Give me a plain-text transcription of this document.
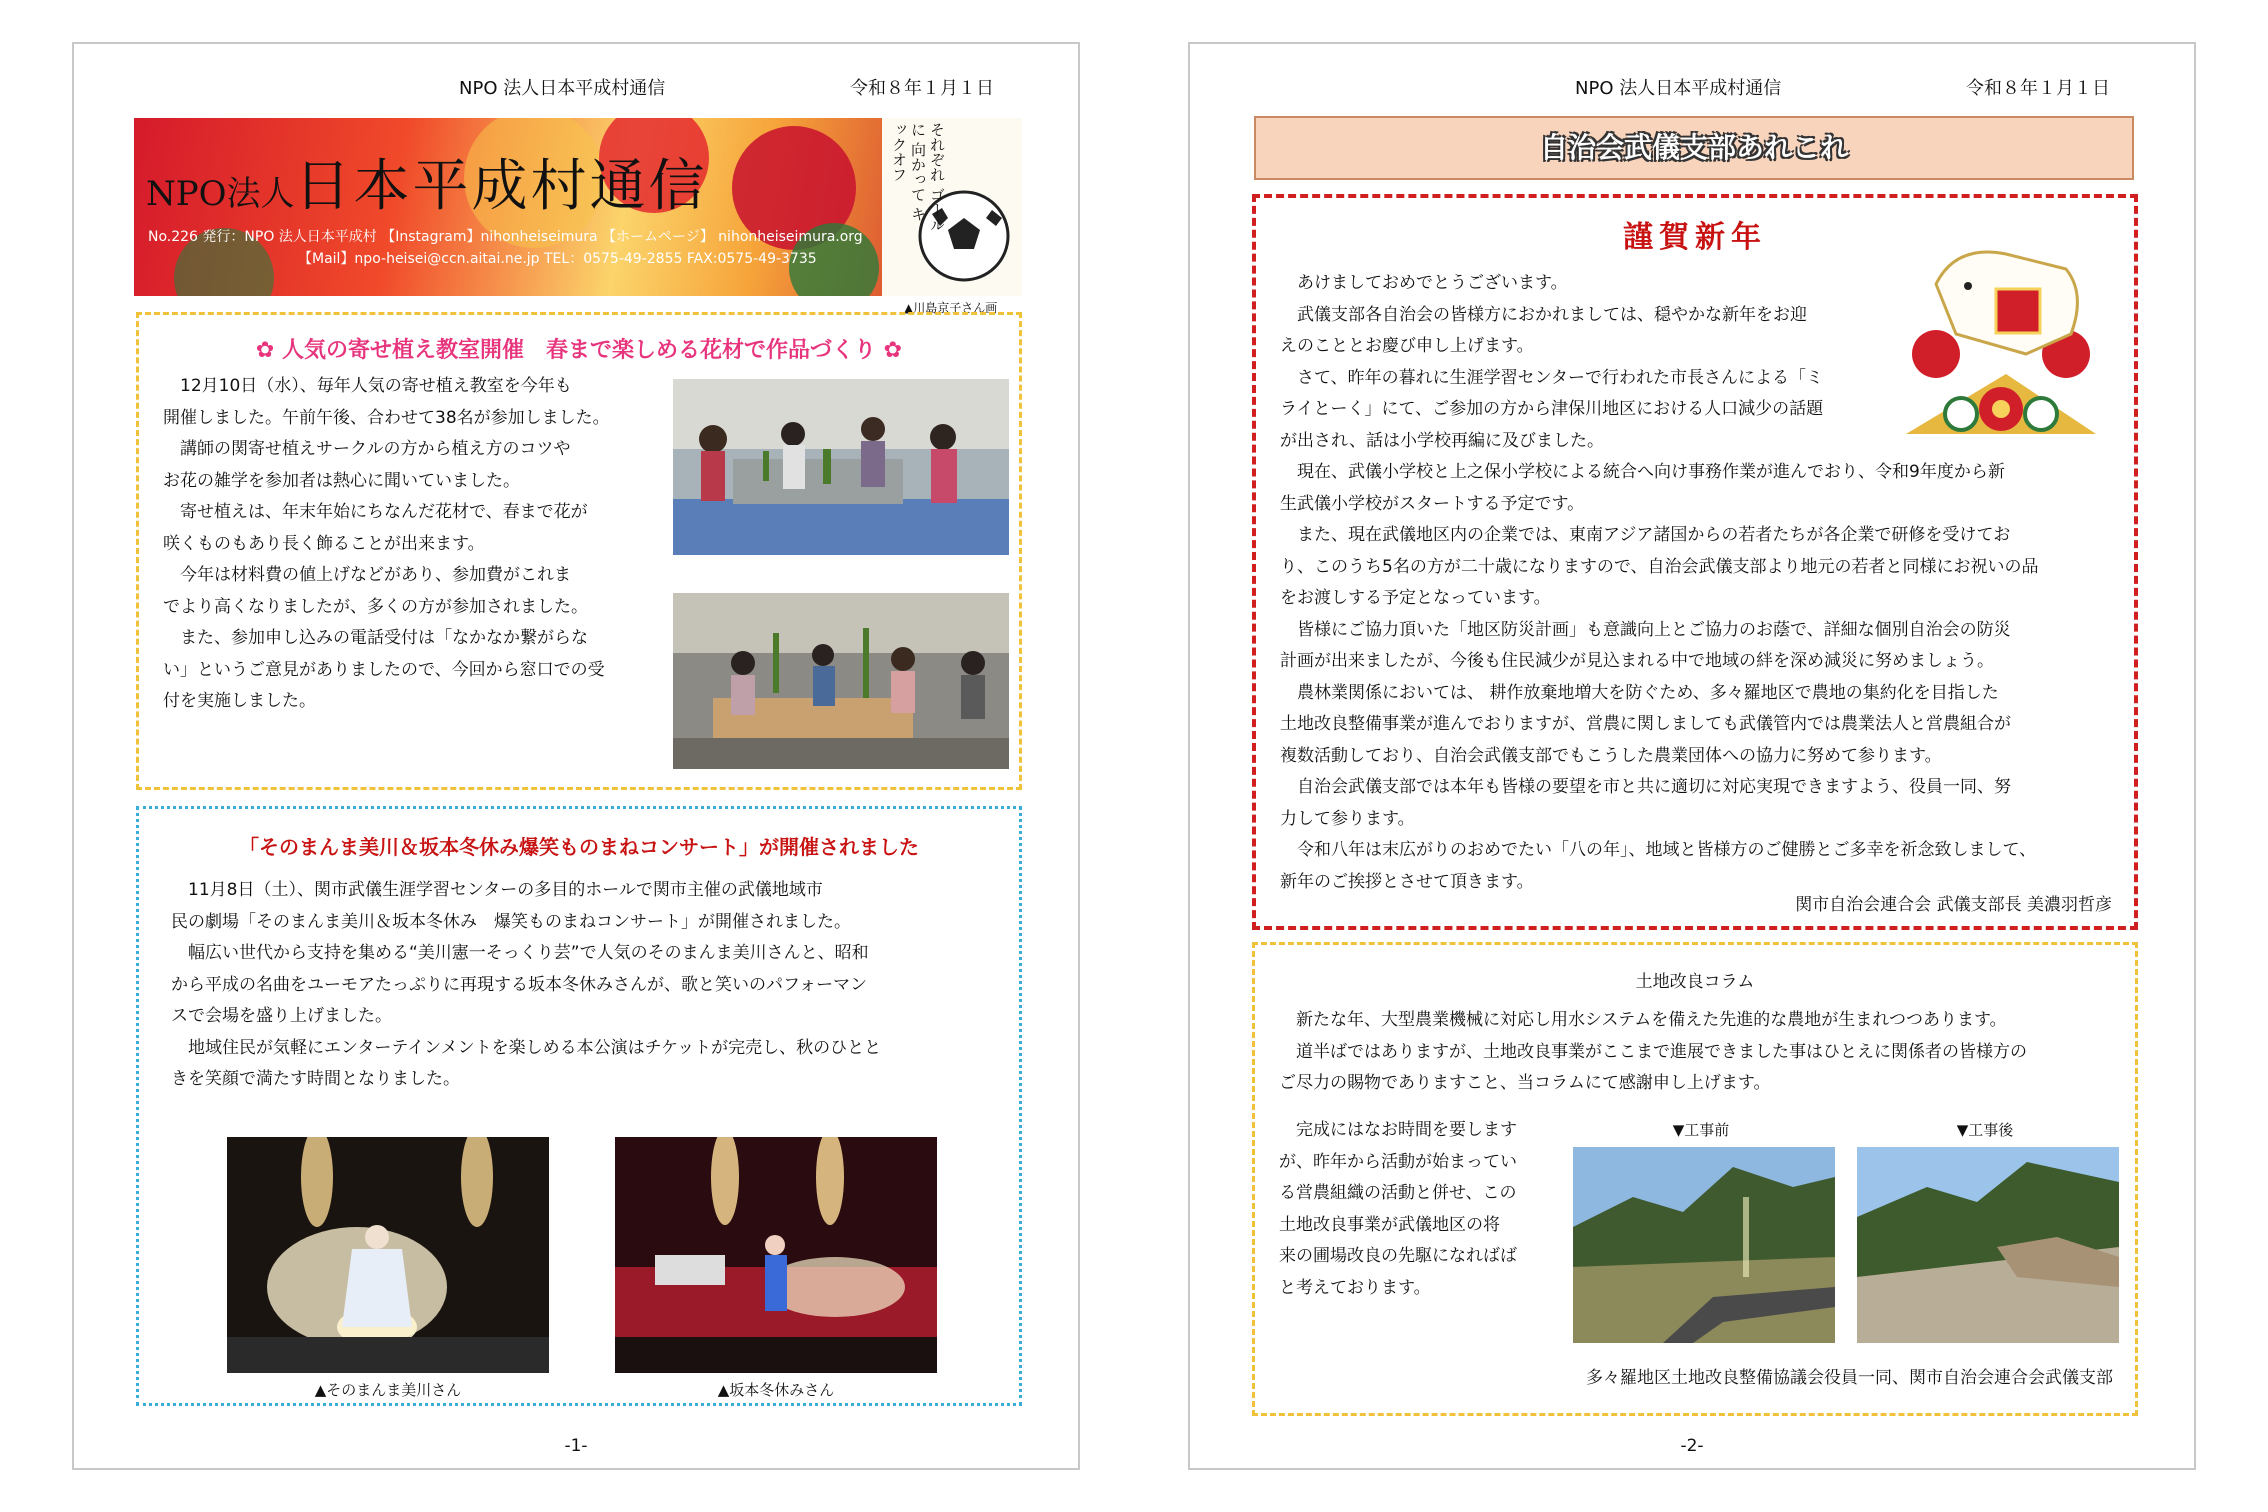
NPO 法人日本平成村通信	令和８年１月１日
NPO法人日本平成村通信
No.226 発行：NPO 法人日本平成村 【Instagram】nihonheiseimura 【ホームページ】 nihonheiseimura.org
【Mail】npo-heisei@ccn.aitai.ne.jp TEL：0575-49-2855 FAX:0575-49-3735
それぞれ ゴールに 向かって キックオフ
▲川島京子さん画
✿ 人気の寄せ植え教室開催　春まで楽しめる花材で作品づくり ✿
　12月10日（水）、毎年人気の寄せ植え教室を今年も
開催しました。午前午後、合わせて38名が参加しました。
　講師の関寄せ植えサークルの方から植え方のコツや
お花の雑学を参加者は熱心に聞いていました。
　寄せ植えは、年末年始にちなんだ花材で、春まで花が
咲くものもあり長く飾ることが出来ます。
　今年は材料費の値上げなどがあり、参加費がこれま
でより高くなりましたが、多くの方が参加されました。
　また、参加申し込みの電話受付は「なかなか繋がらな
い」というご意見がありましたので、今回から窓口での受
付を実施しました。
「そのまんま美川＆坂本冬休み爆笑ものまねコンサート」が開催されました
　11月8日（土）、関市武儀生涯学習センターの多目的ホールで関市主催の武儀地域市
民の劇場「そのまんま美川＆坂本冬休み　爆笑ものまねコンサート」が開催されました。
　幅広い世代から支持を集める“美川憲一そっくり芸”で人気のそのまんま美川さんと、昭和
から平成の名曲をユーモアたっぷりに再現する坂本冬休みさんが、歌と笑いのパフォーマン
スで会場を盛り上げました。
　地域住民が気軽にエンターテインメントを楽しめる本公演はチケットが完売し、秋のひとと
きを笑顔で満たす時間となりました。
▲そのまんま美川さん	▲坂本冬休みさん
-1-
NPO 法人日本平成村通信	令和８年１月１日
自治会武儀支部あれこれ
謹賀新年
　あけましておめでとうございます。
　武儀支部各自治会の皆様方におかれましては、穏やかな新年をお迎
えのこととお慶び申し上げます。
　さて、昨年の暮れに生涯学習センターで行われた市長さんによる「ミ
ライとーく」にて、ご参加の方から津保川地区における人口減少の話題
が出され、話は小学校再編に及びました。
　現在、武儀小学校と上之保小学校による統合へ向け事務作業が進んでおり、令和9年度から新
生武儀小学校がスタートする予定です。
　また、現在武儀地区内の企業では、東南アジア諸国からの若者たちが各企業で研修を受けてお
り、このうち5名の方が二十歳になりますので、自治会武儀支部より地元の若者と同様にお祝いの品
をお渡しする予定となっています。
　皆様にご協力頂いた「地区防災計画」も意識向上とご協力のお蔭で、詳細な個別自治会の防災
計画が出来ましたが、今後も住民減少が見込まれる中で地域の絆を深め減災に努めましょう。
　農林業関係においては、 耕作放棄地増大を防ぐため、多々羅地区で農地の集約化を目指した
土地改良整備事業が進んでおりますが、営農に関しましても武儀管内では農業法人と営農組合が
複数活動しており、自治会武儀支部でもこうした農業団体への協力に努めて参ります。
　自治会武儀支部では本年も皆様の要望を市と共に適切に対応実現できますよう、役員一同、努
力して参ります。
　令和八年は末広がりのおめでたい「八の年」、地域と皆様方のご健勝とご多幸を祈念致しまして、
新年のご挨拶とさせて頂きます。
関市自治会連合会 武儀支部長 美濃羽哲彦
土地改良コラム
　新たな年、大型農業機械に対応し用水システムを備えた先進的な農地が生まれつつあります。
　道半ばではありますが、土地改良事業がここまで進展できました事はひとえに関係者の皆様方の
ご尽力の賜物でありますこと、当コラムにて感謝申し上げます。
　完成にはなお時間を要します
が、昨年から活動が始まってい
る営農組織の活動と併せ、この
土地改良事業が武儀地区の将
来の圃場改良の先駆になればば
と考えております。
▼工事前	▼工事後
多々羅地区土地改良整備協議会役員一同、関市自治会連合会武儀支部
-2-
